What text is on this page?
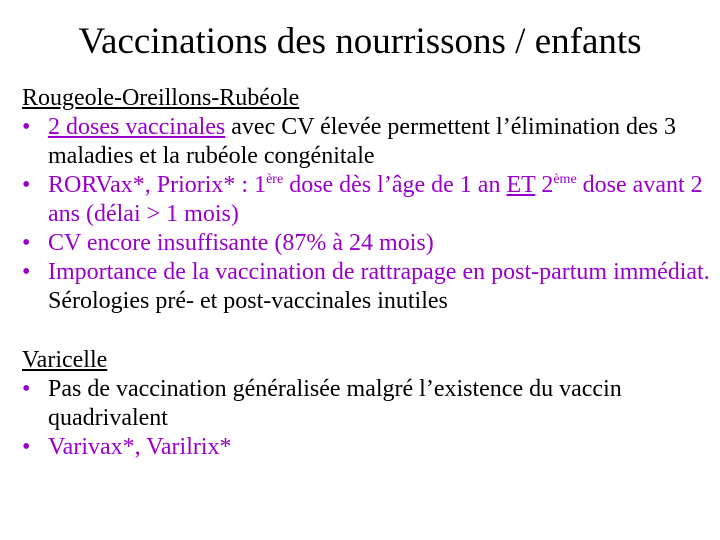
Vaccinations des nourrissons / enfants
Rougeole-Oreillons-Rubéole
• 2 doses vaccinales avec CV élevée permettent l’élimination des 3 maladies et la rubéole congénitale
• RORVax*, Priorix* : 1ère dose dès l’âge de 1 an ET 2ème dose avant 2 ans (délai > 1 mois)
• CV encore insuffisante (87% à 24 mois)
• Importance de la vaccination de rattrapage en post-partum immédiat. Sérologies pré- et post-vaccinales inutiles
Varicelle
• Pas de vaccination généralisée malgré l’existence du vaccin quadrivalent
• Varivax*, Varilrix*
